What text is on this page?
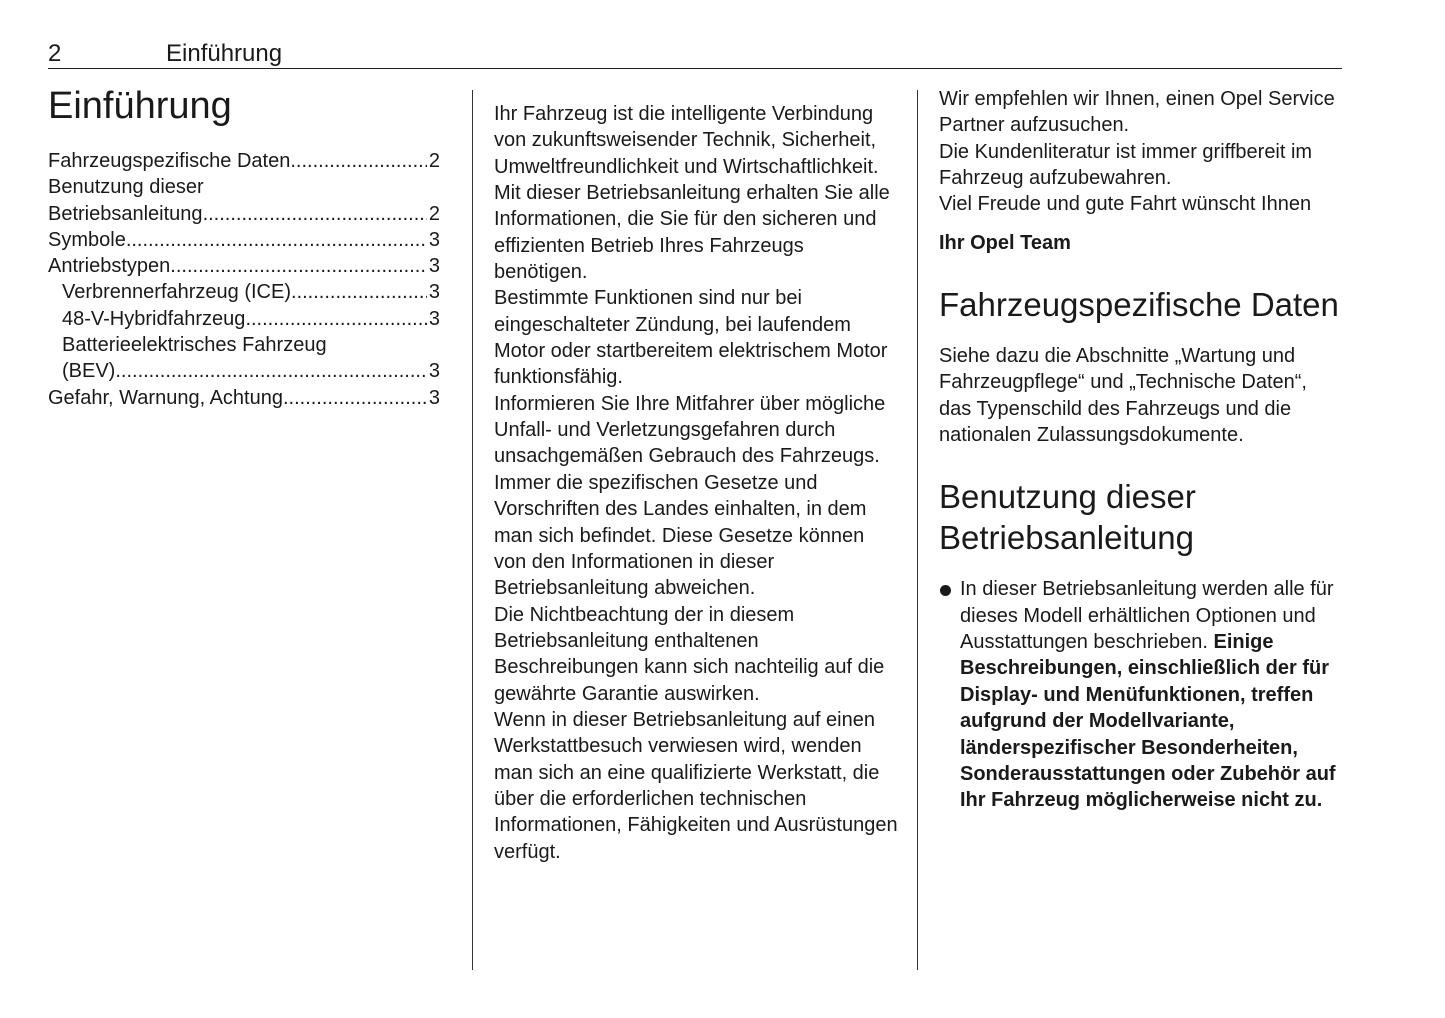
2	Einführung
Einführung
Fahrzeugspezifische Daten .....	2
Benutzung dieser
Betriebsanleitung .....	2
Symbole .....	3
Antriebstypen .....	3
Verbrennerfahrzeug (ICE) .....	3
48-V-Hybridfahrzeug .....	3
Batterieelektrisches Fahrzeug
(BEV) .....	3
Gefahr, Warnung, Achtung .....	3

Ihr Fahrzeug ist die intelligente Verbindung von zukunftsweisender Technik, Sicherheit, Umweltfreundlichkeit und Wirtschaftlichkeit.

Mit dieser Betriebsanleitung erhalten Sie alle Informationen, die Sie für den sicheren und effizienten Betrieb Ihres Fahrzeugs benötigen.

Bestimmte Funktionen sind nur bei eingeschalteter Zündung, bei laufendem Motor oder startbereitem elektrischem Motor funktionsfähig.

Informieren Sie Ihre Mitfahrer über mögliche Unfall- und Verletzungsgefahren durch unsachgemäßen Gebrauch des Fahrzeugs.

Immer die spezifischen Gesetze und Vorschriften des Landes einhalten, in dem man sich befindet. Diese Gesetze können von den Informationen in dieser Betriebsanleitung abweichen.

Die Nichtbeachtung der in diesem Betriebsanleitung enthaltenen Beschreibungen kann sich nachteilig auf die gewährte Garantie auswirken.

Wenn in dieser Betriebsanleitung auf einen Werkstattbesuch verwiesen wird, wenden man sich an eine qualifizierte Werkstatt, die über die erforderlichen technischen Informationen, Fähigkeiten und Ausrüstungen verfügt.

Wir empfehlen wir Ihnen, einen Opel Service Partner aufzusuchen.

Die Kundenliteratur ist immer griffbereit im Fahrzeug aufzubewahren.

Viel Freude und gute Fahrt wünscht Ihnen

Ihr Opel Team

Fahrzeugspezifische Daten

Siehe dazu die Abschnitte „Wartung und Fahrzeugpflege“ und „Technische Daten“, das Typenschild des Fahrzeugs und die nationalen Zulassungsdokumente.

Benutzung dieser Betriebsanleitung
In dieser Betriebsanleitung werden alle für dieses Modell erhältlichen Optionen und Ausstattungen beschrieben. Einige Beschreibungen, einschließlich der für Display- und Menüfunktionen, treffen aufgrund der Modellvariante, länderspezifischer Besonderheiten, Sonderausstattungen oder Zubehör auf Ihr Fahrzeug möglicherweise nicht zu.
